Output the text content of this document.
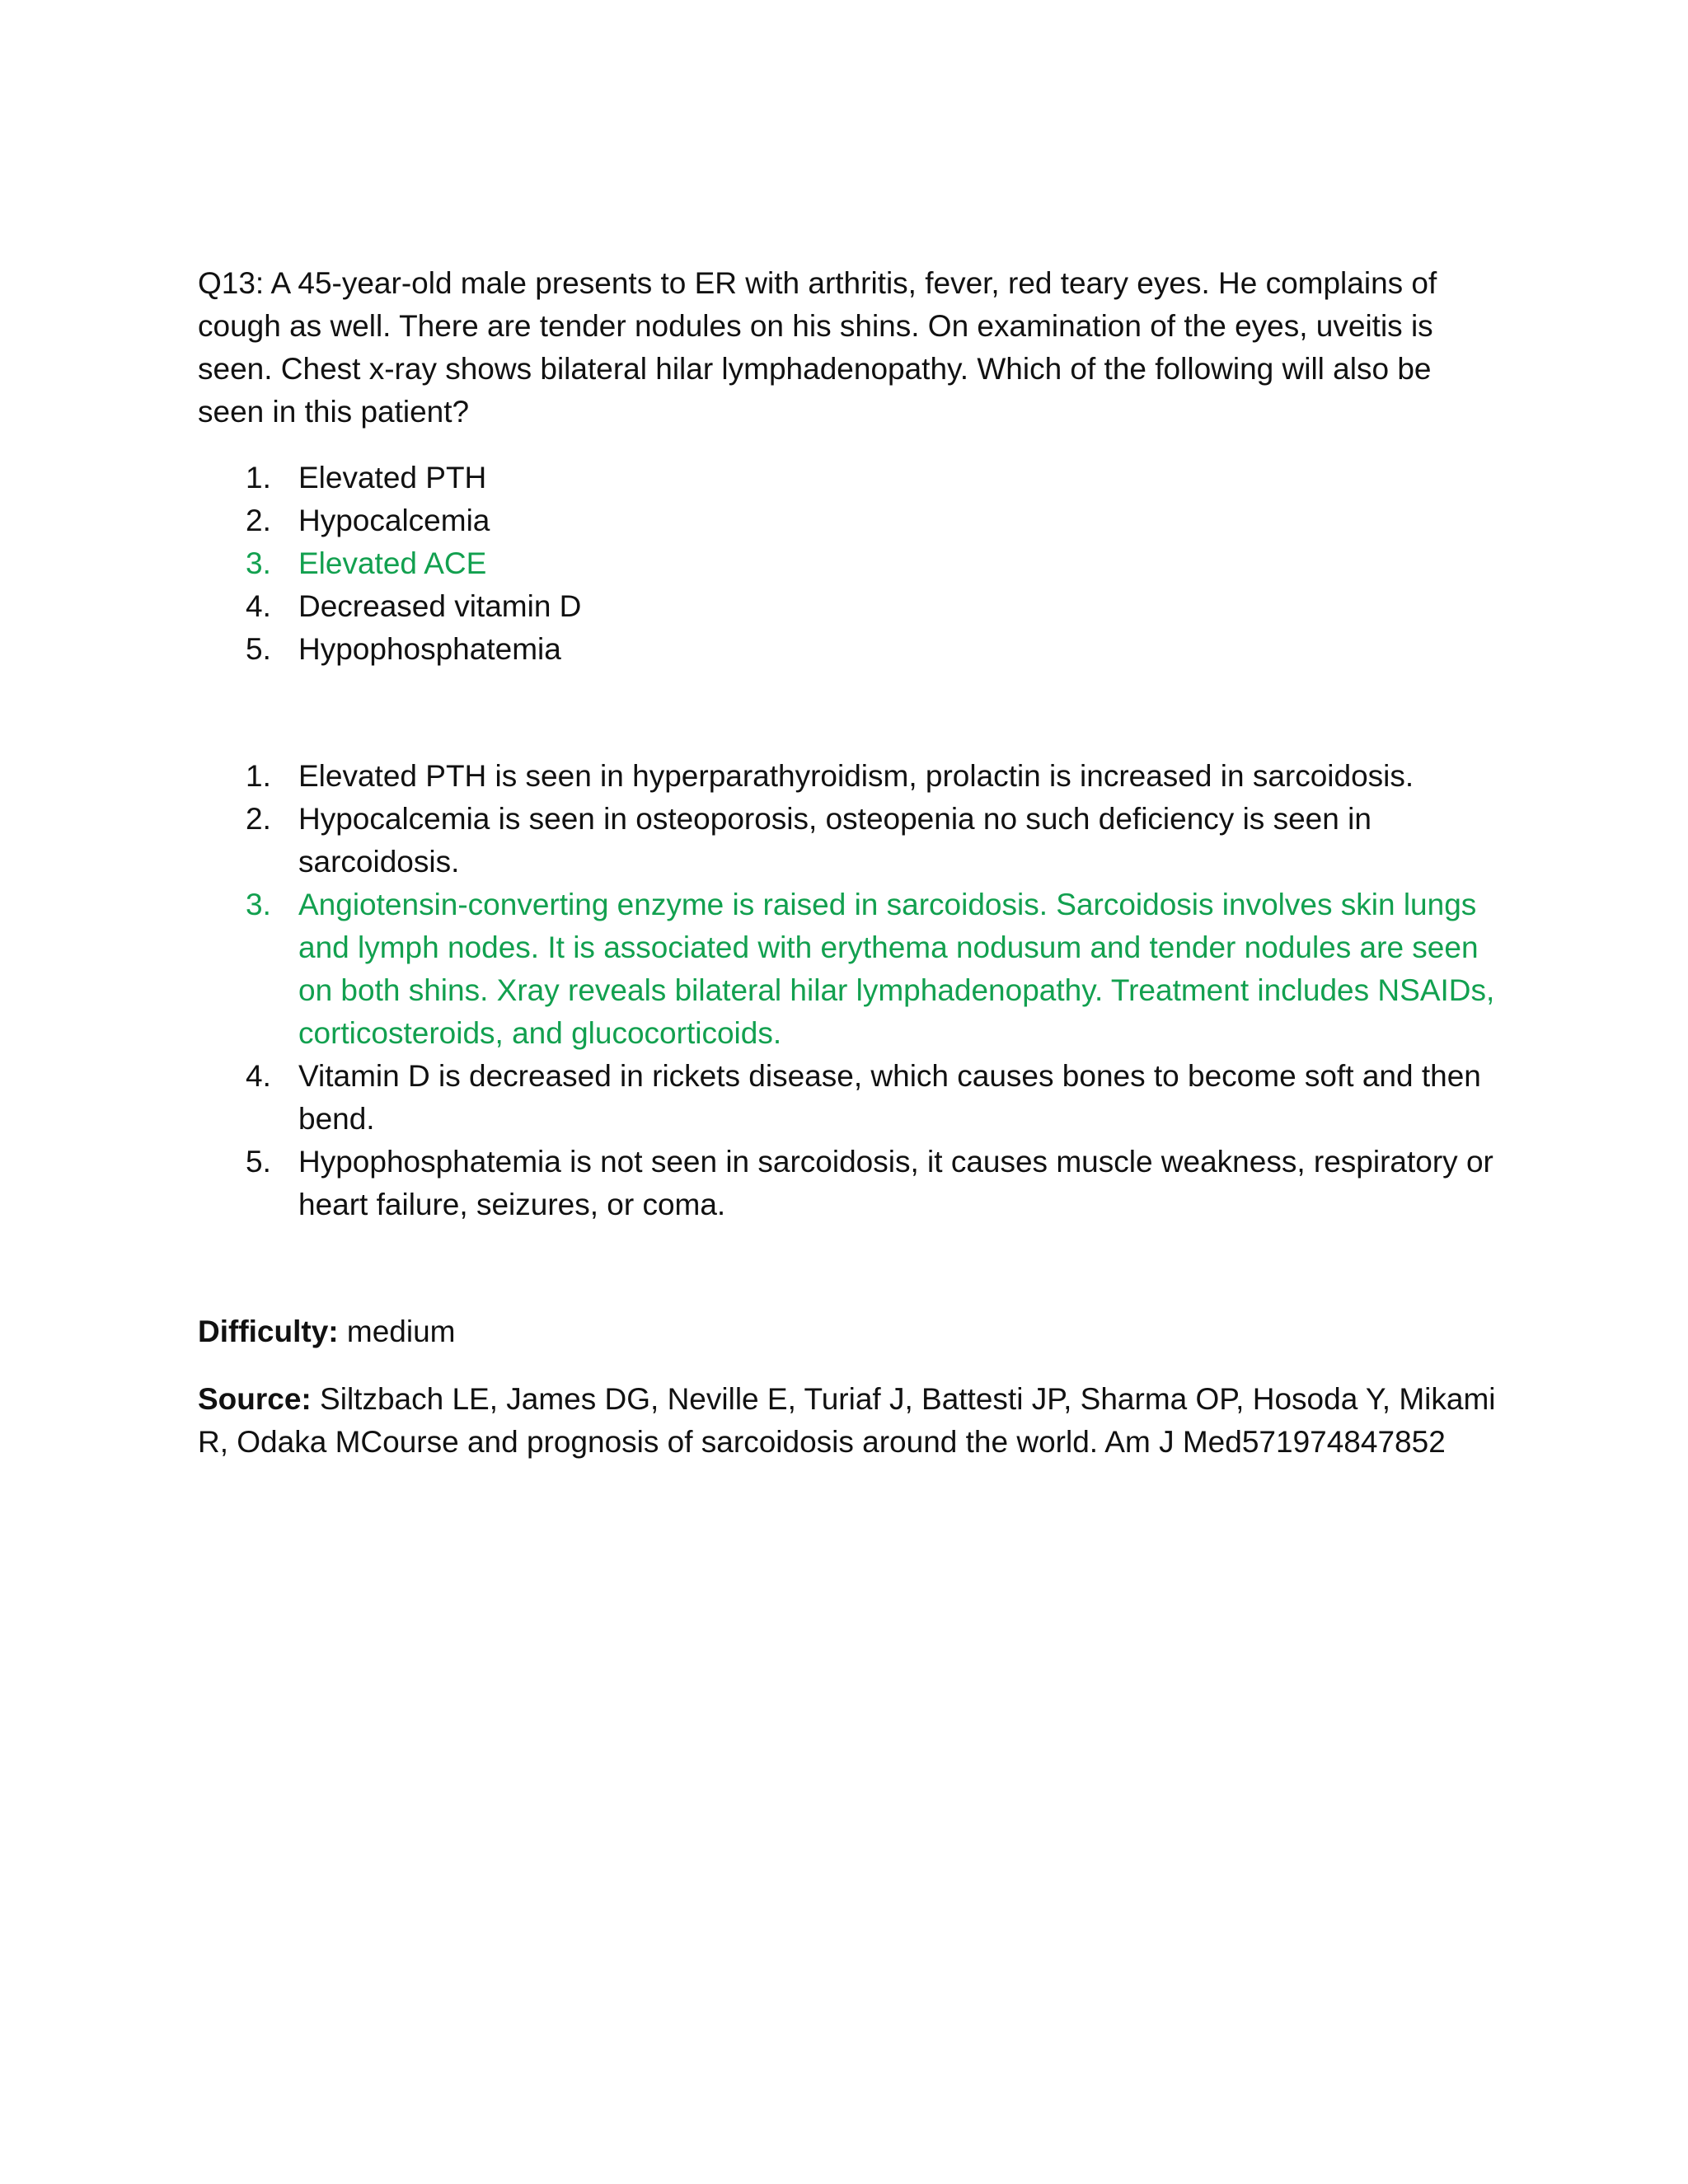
Q13: A 45-year-old male presents to ER with arthritis, fever, red teary eyes. He complains of cough as well. There are tender nodules on his shins. On examination of the eyes, uveitis is seen. Chest x-ray shows bilateral hilar lymphadenopathy. Which of the following will also be seen in this patient?

1. Elevated PTH
2. Hypocalcemia
3. Elevated ACE
4. Decreased vitamin D
5. Hypophosphatemia
1. Elevated PTH is seen in hyperparathyroidism, prolactin is increased in sarcoidosis.
2. Hypocalcemia is seen in osteoporosis, osteopenia no such deficiency is seen in sarcoidosis.
3. Angiotensin-converting enzyme is raised in sarcoidosis. Sarcoidosis involves skin lungs and lymph nodes. It is associated with erythema nodusum and tender nodules are seen on both shins. Xray reveals bilateral hilar lymphadenopathy. Treatment includes NSAIDs, corticosteroids, and glucocorticoids.
4. Vitamin D is decreased in rickets disease, which causes bones to become soft and then bend.
5. Hypophosphatemia is not seen in sarcoidosis, it causes muscle weakness, respiratory or heart failure, seizures, or coma.

Difficulty: medium

Source: Siltzbach LE, James DG, Neville E, Turiaf J, Battesti JP, Sharma OP, Hosoda Y, Mikami R, Odaka MCourse and prognosis of sarcoidosis around the world. Am J Med571974847852
